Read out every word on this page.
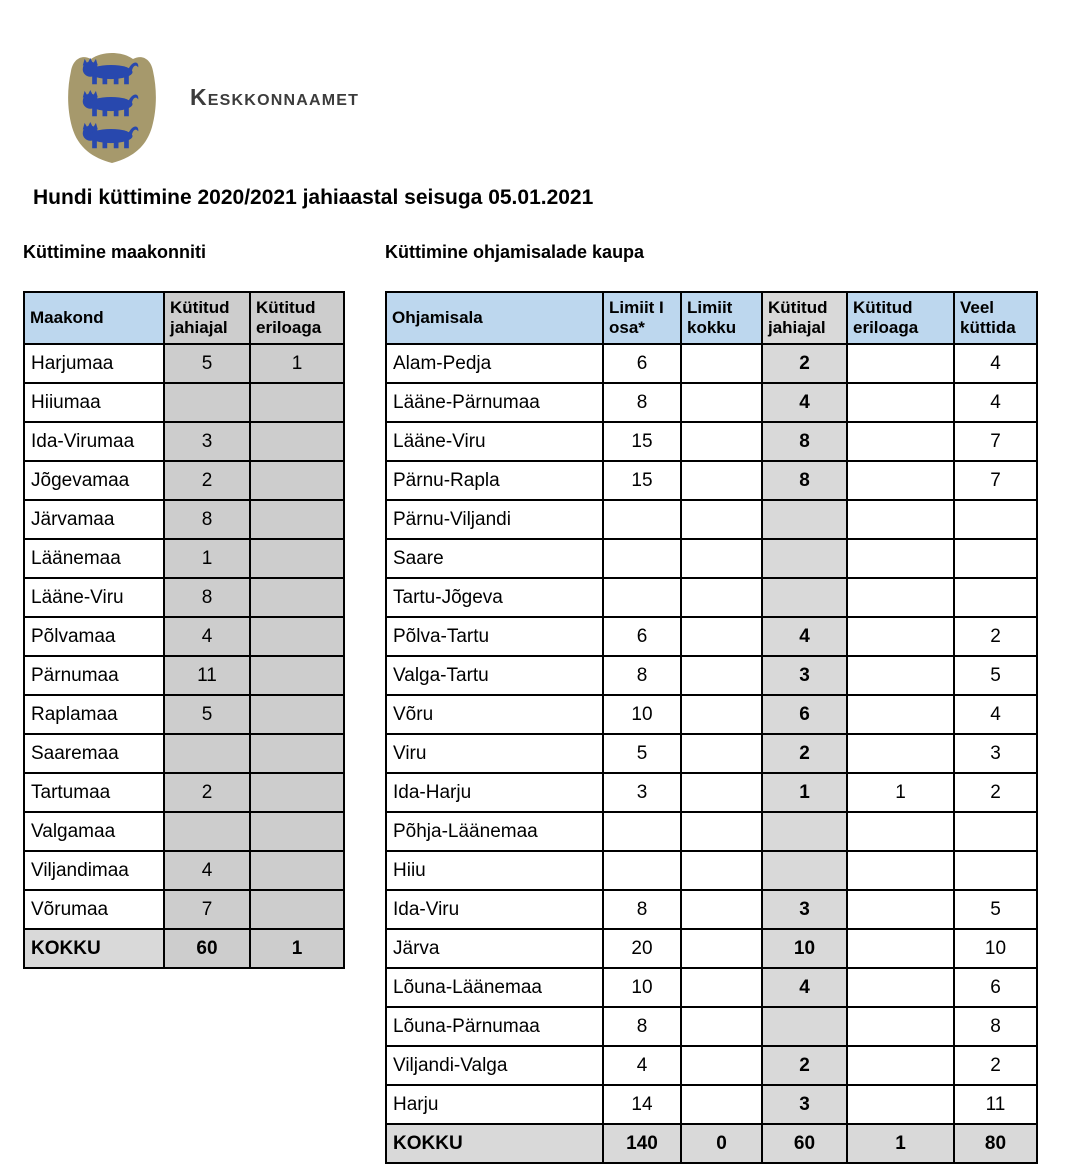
Keskkonnaamet
Hundi küttimine 2020/2021 jahiaastal seisuga 05.01.2021
Küttimine maakonniti	Küttimine ohjamisalade kaupa
Maakond	Kütitud jahiajal	Kütitud eriloaga
Harjumaa	5	1
Hiiumaa		
Ida-Virumaa	3	
Jõgevamaa	2	
Järvamaa	8	
Läänemaa	1	
Lääne-Viru	8	
Põlvamaa	4	
Pärnumaa	11	
Raplamaa	5	
Saaremaa		
Tartumaa	2	
Valgamaa		
Viljandimaa	4	
Võrumaa	7	
KOKKU	60	1
Ohjamisala	Limiit I osa*	Limiit kokku	Kütitud jahiajal	Kütitud eriloaga	Veel küttida
Alam-Pedja	6		2		4
Lääne-Pärnumaa	8		4		4
Lääne-Viru	15		8		7
Pärnu-Rapla	15		8		7
Pärnu-Viljandi					
Saare					
Tartu-Jõgeva					
Põlva-Tartu	6		4		2
Valga-Tartu	8		3		5
Võru	10		6		4
Viru	5		2		3
Ida-Harju	3		1	1	2
Põhja-Läänemaa					
Hiiu					
Ida-Viru	8		3		5
Järva	20		10		10
Lõuna-Läänemaa	10		4		6
Lõuna-Pärnumaa	8				8
Viljandi-Valga	4		2		2
Harju	14		3		11
KOKKU	140	0	60	1	80
